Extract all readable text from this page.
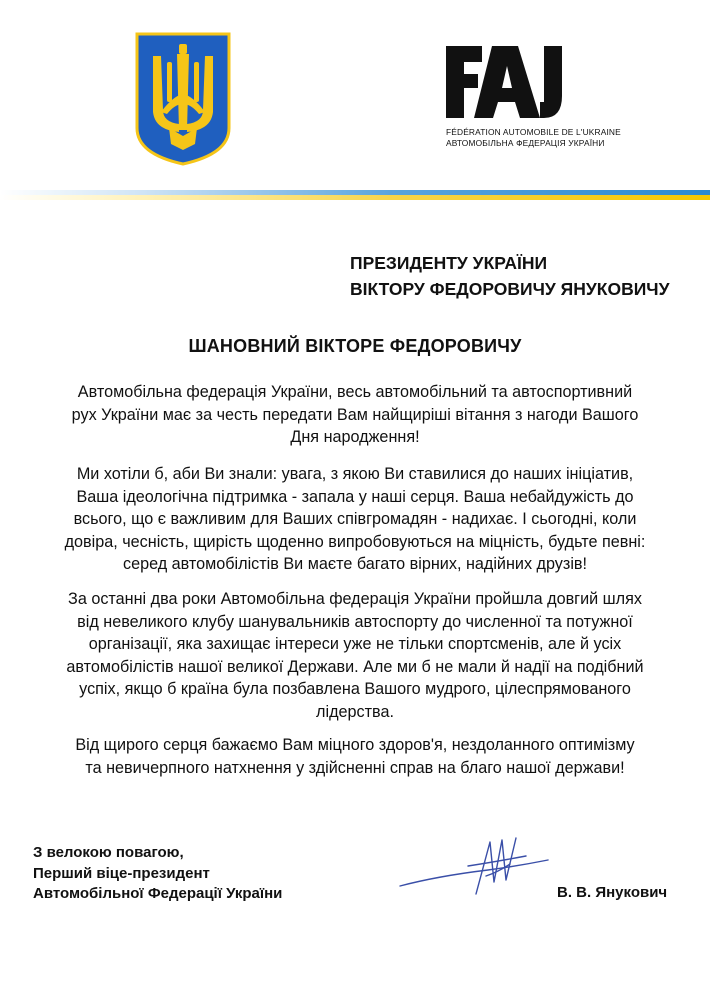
FÉDÉRATION AUTOMOBILE DE L'UKRAINE
АВТОМОБІЛЬНА ФЕДЕРАЦІЯ УКРАЇНИ
ПРЕЗИДЕНТУ УКРАЇНИ
ВІКТОРУ ФЕДОРОВИЧУ ЯНУКОВИЧУ
ШАНОВНИЙ ВІКТОРЕ ФЕДОРОВИЧУ

Автомобільна федерація України, весь автомобільний та автоспортивний
рух України має за честь передати Вам найщиріші вітання з нагоди Вашого
Дня народження!

Ми хотіли б, аби Ви знали: увага, з якою Ви ставилися до наших ініціатив,
Ваша ідеологічна підтримка - запала у наші серця. Ваша небайдужість до
всього, що є важливим для Ваших співгромадян - надихає. І сьогодні, коли
довіра, чесність, щирість щоденно випробовуються на міцність, будьте певні:
серед автомобілістів Ви маєте багато вірних, надійних друзів!

За останні два роки Автомобільна федерація України пройшла довгий шлях
від невеликого клубу шанувальників автоспорту до численної та потужної
організації, яка захищає інтереси уже не тільки спортсменів, але й усіх
автомобілістів нашої великої Держави. Але ми б не мали й надії на подібний
успіх, якщо б країна була позбавлена Вашого мудрого, цілеспрямованого
лідерства.

Від щирого серця бажаємо Вам міцного здоров'я, нездоланного оптимізму
та невичерпного натхнення у здійсненні справ на благо нашої держави!

З велокою повагою,
Перший віце-президент
Автомобільної Федерації України	В. В. Янукович
